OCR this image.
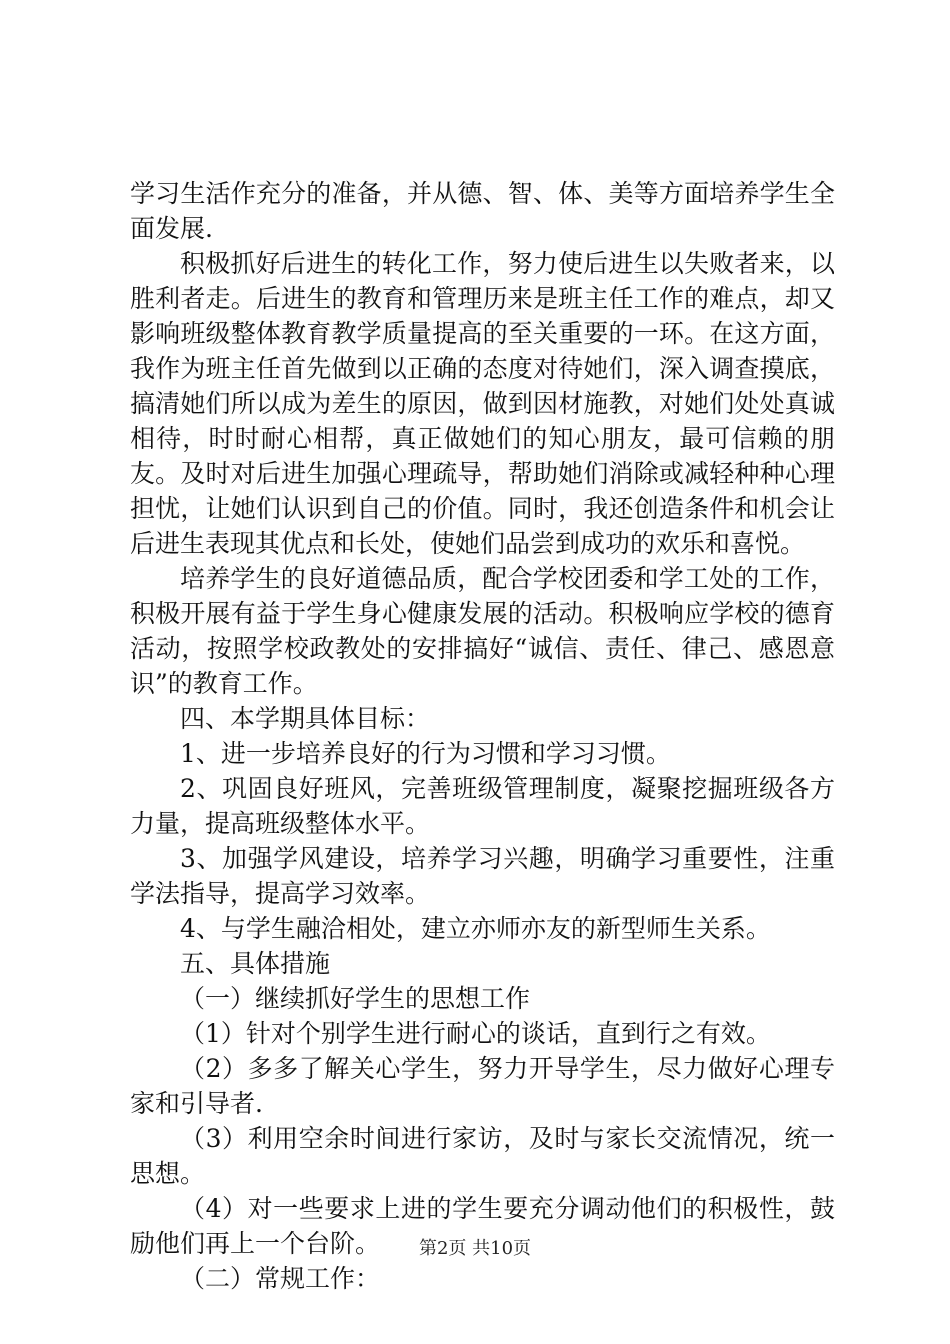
学习生活作充分的准备，并从德、智、体、美等方面培养学生全面发展.

积极抓好后进生的转化工作，努力使后进生以失败者来，以胜利者走。后进生的教育和管理历来是班主任工作的难点，却又影响班级整体教育教学质量提高的至关重要的一环。在这方面，我作为班主任首先做到以正确的态度对待她们，深入调查摸底，搞清她们所以成为差生的原因，做到因材施教，对她们处处真诚相待，时时耐心相帮，真正做她们的知心朋友，最可信赖的朋友。及时对后进生加强心理疏导，帮助她们消除或减轻种种心理担忧，让她们认识到自己的价值。同时，我还创造条件和机会让后进生表现其优点和长处，使她们品尝到成功的欢乐和喜悦。

培养学生的良好道德品质，配合学校团委和学工处的工作，积极开展有益于学生身心健康发展的活动。积极响应学校的德育活动，按照学校政教处的安排搞好“诚信、责任、律己、感恩意识”的教育工作。

四、本学期具体目标：

1、进一步培养良好的行为习惯和学习习惯。

2、巩固良好班风，完善班级管理制度，凝聚挖掘班级各方力量，提高班级整体水平。

3、加强学风建设，培养学习兴趣，明确学习重要性，注重学法指导，提高学习效率。

4、与学生融洽相处，建立亦师亦友的新型师生关系。

五、具体措施

（一）继续抓好学生的思想工作

（1）针对个别学生进行耐心的谈话，直到行之有效。

（2）多多了解关心学生，努力开导学生，尽力做好心理专家和引导者.

（3）利用空余时间进行家访，及时与家长交流情况，统一思想。

（4）对一些要求上进的学生要充分调动他们的积极性，鼓励他们再上一个台阶。

（二）常规工作：

第2页 共10页
